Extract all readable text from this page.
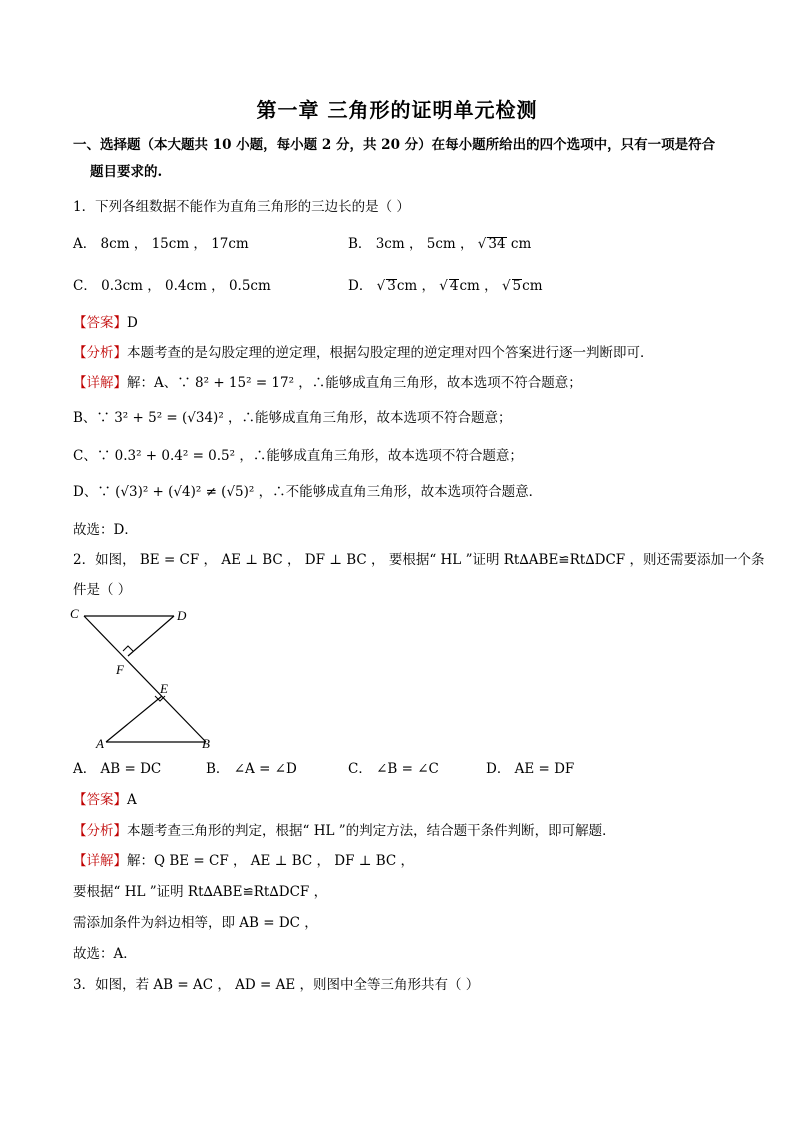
第一章 三角形的证明单元检测
一、选择题（本大题共 10 小题，每小题 2 分，共 20 分）在每小题所给出的四个选项中，只有一项是符合
题目要求的.
1．下列各组数据不能作为直角三角形的三边长的是（ ）
A． 8cm ， 15cm ， 17cm	B． 3cm ， 5cm ， √ 34 cm
C． 0.3cm ， 0.4cm ， 0.5cm	D． √ 3cm ， √ 4cm ， √ 5cm
【答案】D
【分析】本题考查的是勾股定理的逆定理，根据勾股定理的逆定理对四个答案进行逐一判断即可．
【详解】解：A、∵ 8² + 15² = 17² ，∴能够成直角三角形，故本选项不符合题意；
B、∵ 3² + 5² = (√34)² ，∴能够成直角三角形，故本选项不符合题意；
C、∵ 0.3² + 0.4² = 0.5² ，∴能够成直角三角形，故本选项不符合题意；
D、∵ (√3)² + (√4)² ≠ (√5)² ，∴不能够成直角三角形，故本选项符合题意．
故选：D．
2．如图， BE = CF ， AE ⊥ BC ， DF ⊥ BC ， 要根据“ HL ”证明 Rt∆ABE≌Rt∆DCF ，则还需要添加一个条
件是（ ）
C	D
F
E
A	B
A． AB = DC	B． ∠A = ∠D	C． ∠B = ∠C	D． AE = DF
【答案】A
【分析】本题考查三角形的判定，根据“ HL ”的判定方法，结合题干条件判断，即可解题．
【详解】解：Q BE = CF ， AE ⊥ BC ， DF ⊥ BC ，
要根据“ HL ”证明 Rt∆ABE≌Rt∆DCF ，
需添加条件为斜边相等，即 AB = DC ，
故选：A．
3．如图，若 AB = AC ， AD = AE ，则图中全等三角形共有（ ）
